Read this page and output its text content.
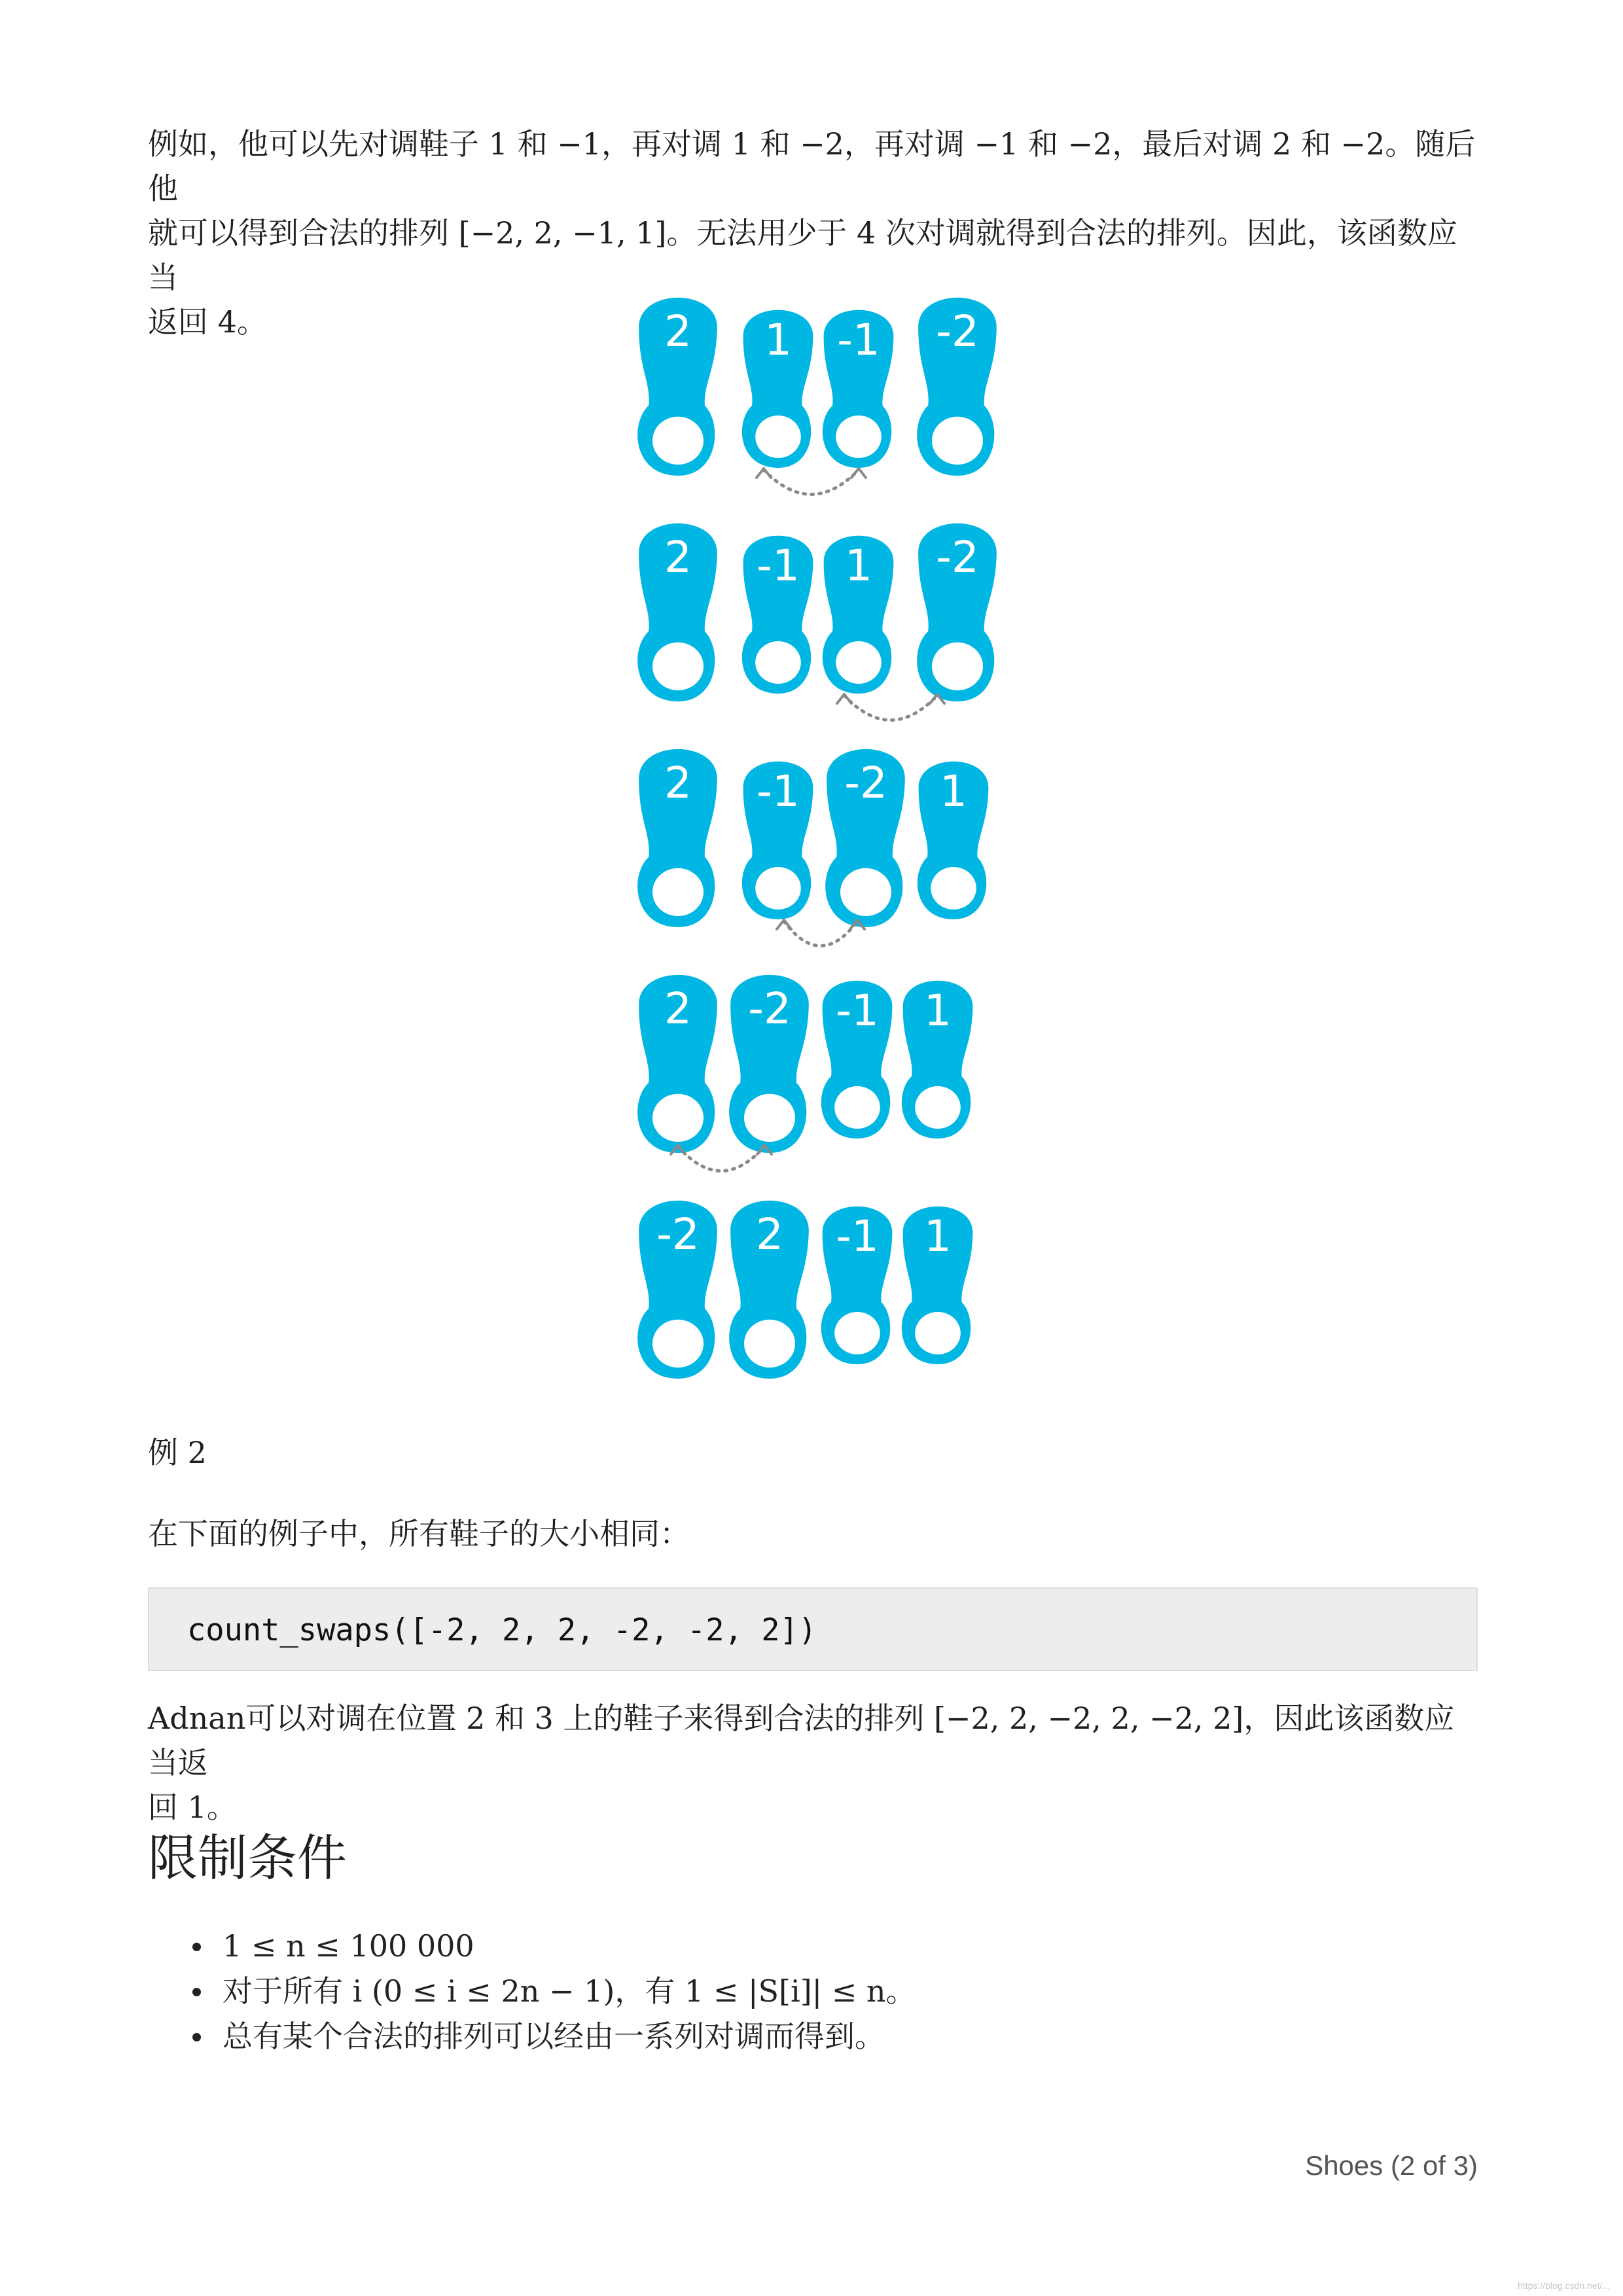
例如，他可以先对调鞋子 1 和 −1，再对调 1 和 −2，再对调 −1 和 −2，最后对调 2 和 −2。随后他
就可以得到合法的排列 [−2, 2, −1, 1]。无法用少于 4 次对调就得到合法的排列。因此，该函数应当
返回 4。	2 1 -1 -2
2 -1 1 -2
2 -1 -2 1
2 -2 -1 1
-2 2 -1 1
例 2
在下面的例子中，所有鞋子的大小相同：
count_swaps([-2, 2, 2, -2, -2, 2])
Adnan可以对调在位置 2 和 3 上的鞋子来得到合法的排列 [−2, 2, −2, 2, −2, 2]，因此该函数应当返
回 1。
限制条件
1 ≤ n ≤ 100 000
对于所有 i (0 ≤ i ≤ 2n − 1)，有 1 ≤ |S[i]| ≤ n。
总有某个合法的排列可以经由一系列对调而得到。
Shoes (2 of 3)
https://blog.csdn.net/...
